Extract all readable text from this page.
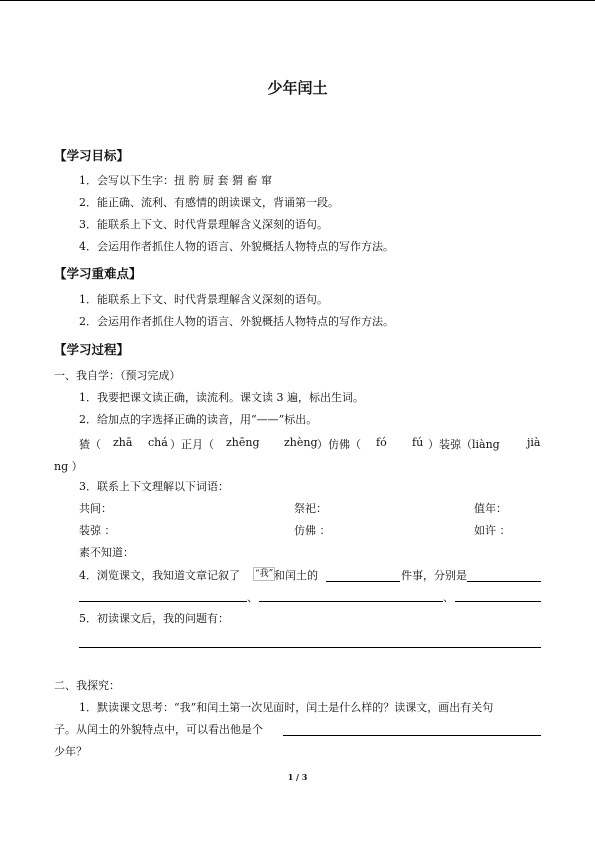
少年闰土
【学习目标】
1．会写以下生字：扭 胯 厨 套 猬 畜 窜
2．能正确、流利、有感情的朗读课文，背诵第一段。
3．能联系上下文、时代背景理解含义深刻的语句。
4．会运用作者抓住人物的语言、外貌概括人物特点的写作方法。
【学习重难点】
1．能联系上下文、时代背景理解含义深刻的语句。
2．会运用作者抓住人物的语言、外貌概括人物特点的写作方法。
【学习过程】
一、我自学：（预习完成）
1．我要把课文读正确，读流利。课文读 3 遍，标出生词。
2．给加点的字选择正确的读音，用“——”标出。
猹（ zhā chá ）正月（ zhēng zhèng ）仿佛（ fó fú ）装弶（liàng jià
ng ）
3．联系上下文理解以下词语：
共间：	祭祀：	值年：
装弶 ：	仿佛 ：	如许 ：
素不知道：
4．浏览课文，我知道文章记叙了 “我” 和闰土的	件事，分别是
、	、
5．初读课文后，我的问题有：
二、我探究：
1．默读课文思考：“我”和闰土第一次见面时，闰土是什么样的？读课文，画出有关句
子。从闰土的外貌特点中，可以看出他是个
少年？
1 / 3
